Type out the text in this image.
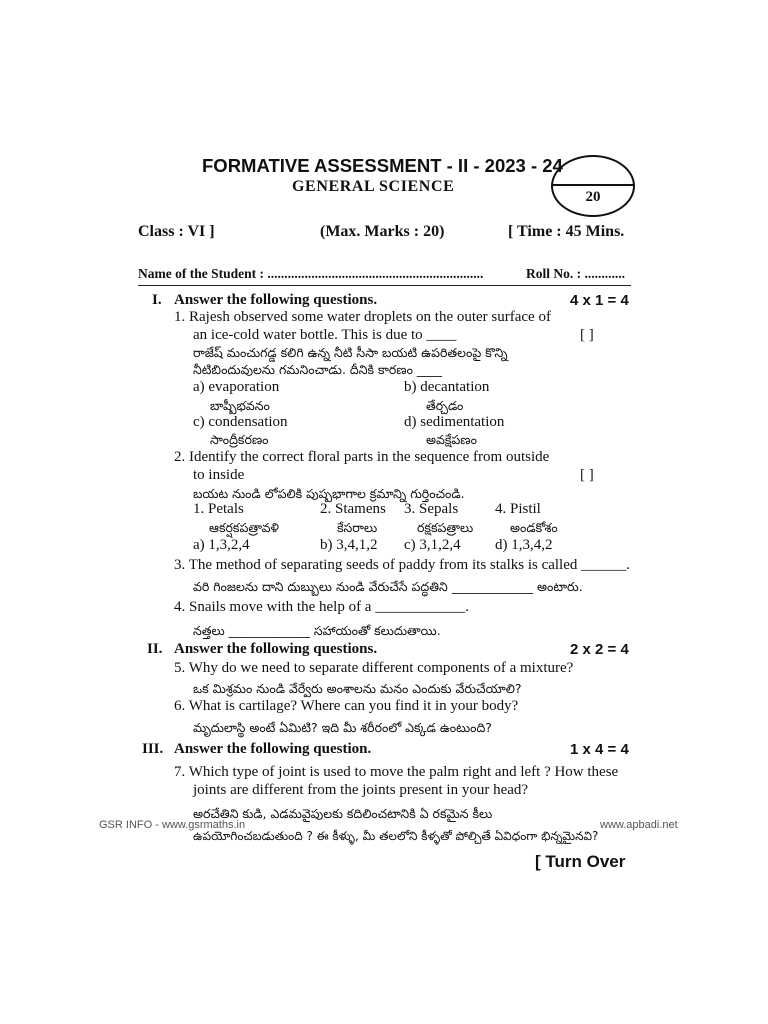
FORMATIVE ASSESSMENT - II - 2023 - 24
GENERAL SCIENCE
20
Class : VI ]	(Max. Marks : 20)	[ Time : 45 Mins.
Name of the Student : ................................................................	Roll No. : ............
I. Answer the following questions.	4 x 1 = 4
1. Rajesh observed some water droplets on the outer surface of
an ice-cold water bottle. This is due to ____	[ ]
రాజేష్ మంచుగడ్డ కలిగి ఉన్న నీటి సీసా బయటి ఉపరితలంపై కొన్ని
నీటిబిందువులను గమనించాడు. దీనికి కారణం ____
a) evaporation
బాష్పీభవనం
b) decantation
తేర్చడం
c) condensation
సాంద్రీకరణం
d) sedimentation
అవక్షేపణం
2. Identify the correct floral parts in the sequence from outside
to inside	[ ]
బయట నుండి లోపలికి పుష్పభాగాల క్రమాన్ని గుర్తించండి.
1. Petals
ఆకర్షకపత్రావళి
2. Stamens
కేసరాలు
3. Sepals
రక్షకపత్రాలు
4. Pistil
అండకోశం
a) 1,3,2,4	b) 3,4,1,2 c) 3,1,2,4 d) 1,3,4,2
3. The method of separating seeds of paddy from its stalks is called ______.
వరి గింజలను దాని దుబ్బులు నుండి వేరుచేసే పద్ధతిని _____________ అంటారు.
4. Snails move with the help of a ____________.
నత్తలు _____________ సహాయంతో కలుదుతాయి.
II. Answer the following questions.	2 x 2 = 4
5. Why do we need to separate different components of a mixture?
ఒక మిశ్రమం నుండి వేర్వేరు అంశాలను మనం ఎందుకు వేరుచేయాలి?
6. What is cartilage? Where can you find it in your body?
మృదులాస్థి అంటే ఏమిటి? ఇది మీ శరీరంలో ఎక్కడ ఉంటుంది?
III. Answer the following question.	1 x 4 = 4
7. Which type of joint is used to move the palm right and left ? How these
joints are different from the joints present in your head?
అరచేతిని కుడి, ఎడమవైపులకు కదిలించటానికి ఏ రకమైన కీలు
ఉపయోగించబడుతుంది ? ఈ కీళ్ళు, మీ తలలోని కీళ్ళతో పోల్చితే ఏవిధంగా భిన్నమైనవి?
GSR INFO - www.gsrmaths.in	www.apbadi.net
[ Turn Over
